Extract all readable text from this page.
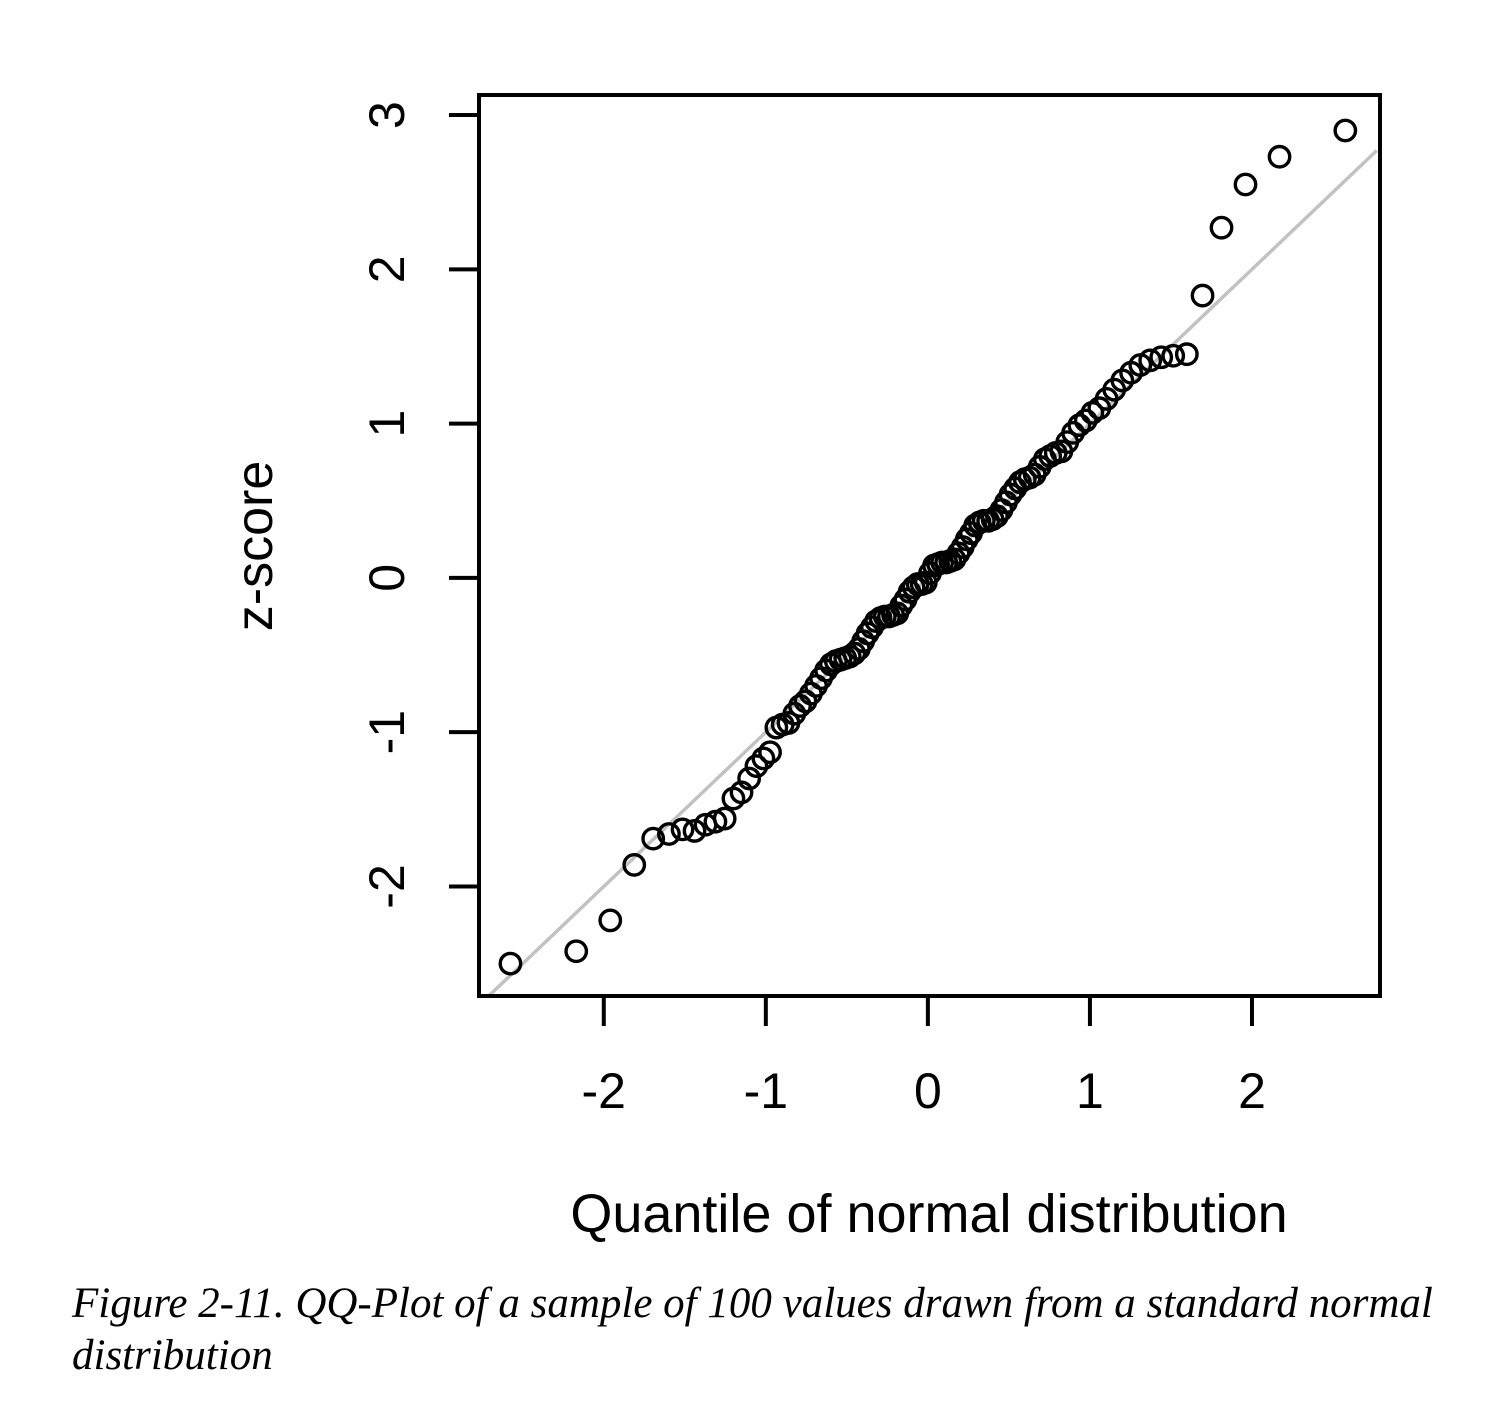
-2 -1	0	1	2
-2
-1
0
1
2
3
z-score
Quantile of normal distribution
Figure 2-11. QQ-Plot of a sample of 100 values drawn from a standard normal
distribution
